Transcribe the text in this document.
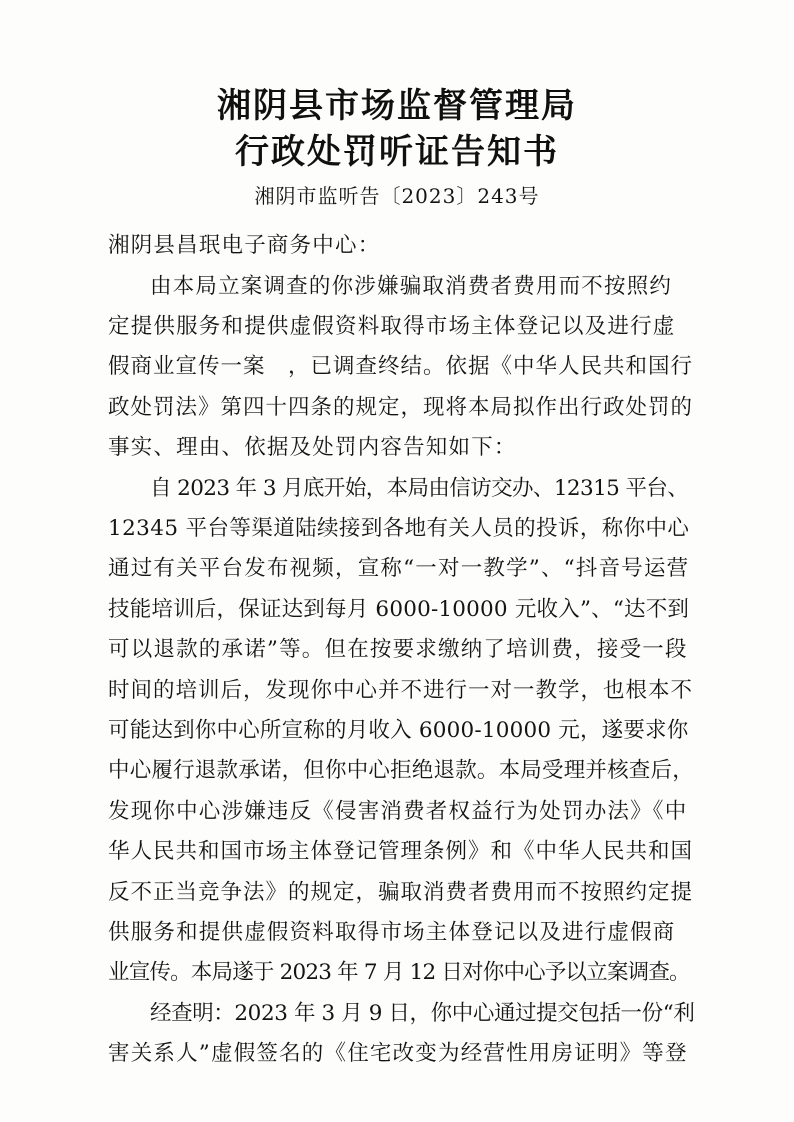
湘阴县市场监督管理局
行政处罚听证告知书
湘阴市监听告〔2023〕243号
湘阴县昌珉电子商务中心：
由本局立案调查的你涉嫌骗取消费者费用而不按照约
定提供服务和提供虚假资料取得市场主体登记以及进行虚
假商业宣传一案　，已调查终结。依据《中华人民共和国行
政处罚法》第四十四条的规定，现将本局拟作出行政处罚的
事实、理由、依据及处罚内容告知如下：
自 2023 年 3 月底开始，本局由信访交办、12315 平台、
12345 平台等渠道陆续接到各地有关人员的投诉，称你中心
通过有关平台发布视频，宣称“一对一教学”、“抖音号运营
技能培训后，保证达到每月 6000-10000 元收入”、“达不到
可以退款的承诺”等。但在按要求缴纳了培训费，接受一段
时间的培训后，发现你中心并不进行一对一教学，也根本不
可能达到你中心所宣称的月收入 6000-10000 元，遂要求你
中心履行退款承诺，但你中心拒绝退款。本局受理并核查后，
发现你中心涉嫌违反《侵害消费者权益行为处罚办法》《中
华人民共和国市场主体登记管理条例》和《中华人民共和国
反不正当竞争法》的规定，骗取消费者费用而不按照约定提
供服务和提供虚假资料取得市场主体登记以及进行虚假商
业宣传。本局遂于 2023 年 7 月 12 日对你中心予以立案调查。
经查明：2023 年 3 月 9 日，你中心通过提交包括一份“利
害关系人”虚假签名的《住宅改变为经营性用房证明》等登
